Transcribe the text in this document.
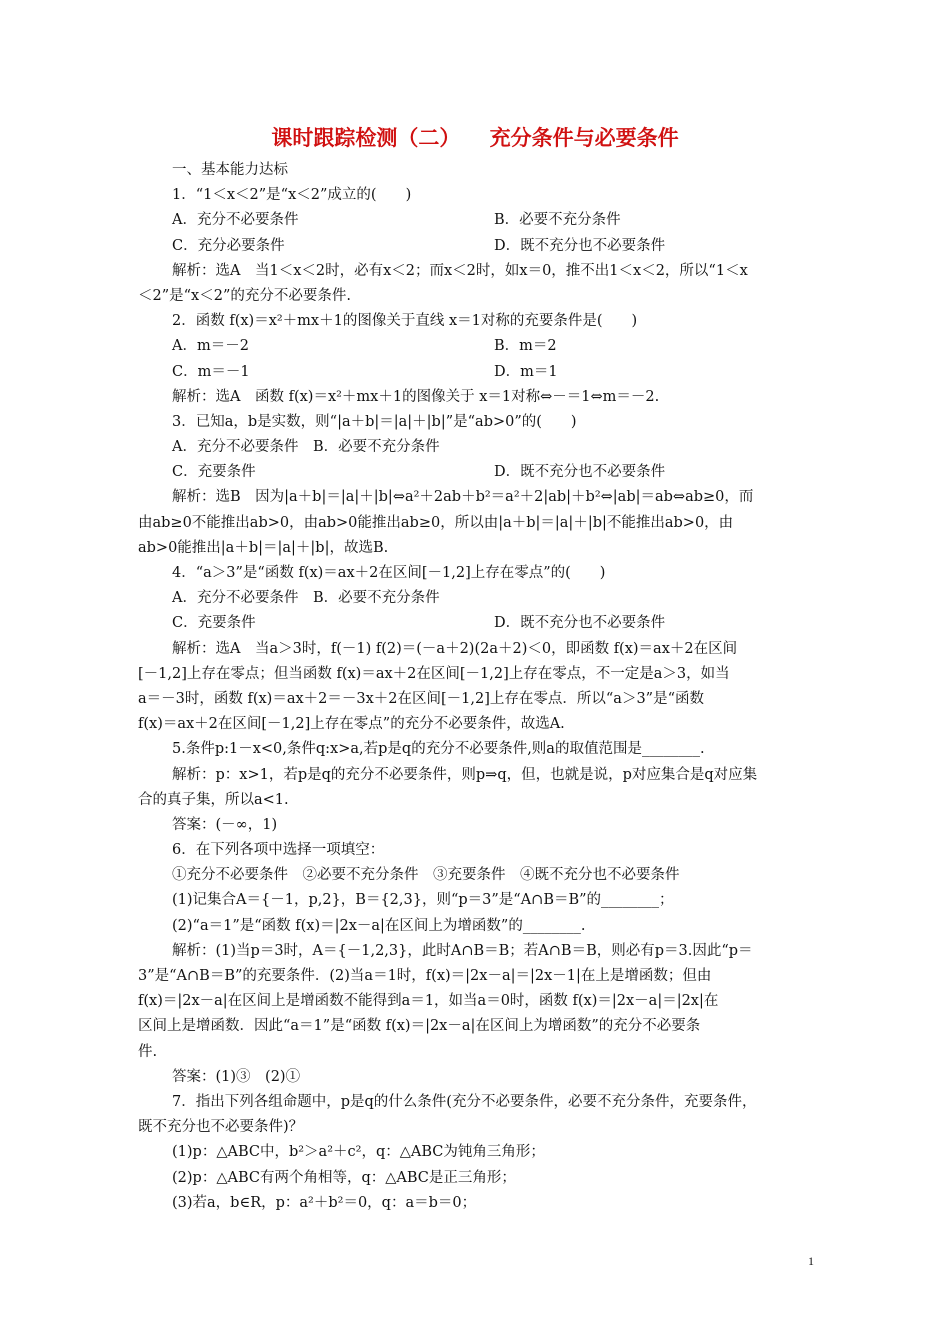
课时跟踪检测（二）    充分条件与必要条件
一、基本能力达标
1．“1＜x＜2”是“x＜2”成立的(　　)
A．充分不必要条件	B．必要不充分条件
C．充分必要条件	D．既不充分也不必要条件
解析：选A　当1＜x＜2时，必有x＜2；而x＜2时，如x＝0，推不出1＜x＜2，所以“1＜x
＜2”是“x＜2”的充分不必要条件.
2．函数 f(x)＝x²＋mx＋1的图像关于直线 x＝1对称的充要条件是(　　)
A．m＝－2	B．m＝2
C．m＝－1	D．m＝1
解析：选A　函数 f(x)＝x²＋mx＋1的图像关于 x＝1对称⇔－＝1⇔m＝－2.
3．已知a，b是实数，则“|a＋b|＝|a|＋|b|”是“ab>0”的(　　)
A．充分不必要条件　B．必要不充分条件
C．充要条件	D．既不充分也不必要条件
解析：选B　因为|a＋b|＝|a|＋|b|⇔a²＋2ab＋b²＝a²＋2|ab|＋b²⇔|ab|＝ab⇔ab≥0，而
由ab≥0不能推出ab>0，由ab>0能推出ab≥0，所以由|a＋b|＝|a|＋|b|不能推出ab>0，由
ab>0能推出|a＋b|＝|a|＋|b|，故选B.
4．“a＞3”是“函数 f(x)＝ax＋2在区间[－1,2]上存在零点”的(　　)
A．充分不必要条件　B．必要不充分条件
C．充要条件	D．既不充分也不必要条件
解析：选A　当a＞3时，f(－1) f(2)＝(－a＋2)(2a＋2)＜0，即函数 f(x)＝ax＋2在区间
[－1,2]上存在零点；但当函数 f(x)＝ax＋2在区间[－1,2]上存在零点，不一定是a＞3，如当
a＝－3时，函数 f(x)＝ax＋2＝－3x＋2在区间[－1,2]上存在零点．所以“a＞3”是“函数
f(x)＝ax＋2在区间[－1,2]上存在零点”的充分不必要条件，故选A.
5.条件p:1－x<0,条件q:x>a,若p是q的充分不必要条件,则a的取值范围是________.
解析：p：x>1，若p是q的充分不必要条件，则p⇒q，但，也就是说，p对应集合是q对应集
合的真子集，所以a<1.
答案：(－∞，1)
6．在下列各项中选择一项填空：
①充分不必要条件　②必要不充分条件　③充要条件　④既不充分也不必要条件
(1)记集合A＝{－1，p,2}，B＝{2,3}，则“p＝3”是“A∩B＝B”的________；
(2)“a＝1”是“函数 f(x)＝|2x－a|在区间上为增函数”的________.
解析：(1)当p＝3时，A＝{－1,2,3}，此时A∩B＝B；若A∩B＝B，则必有p＝3.因此“p＝
3”是“A∩B＝B”的充要条件．(2)当a＝1时，f(x)＝|2x－a|＝|2x－1|在上是增函数；但由
f(x)＝|2x－a|在区间上是增函数不能得到a＝1，如当a＝0时，函数 f(x)＝|2x－a|＝|2x|在
区间上是增函数．因此“a＝1”是“函数 f(x)＝|2x－a|在区间上为增函数”的充分不必要条
件.
答案：(1)③　(2)①
7．指出下列各组命题中，p是q的什么条件(充分不必要条件，必要不充分条件，充要条件，
既不充分也不必要条件)？
(1)p：△ABC中，b²＞a²＋c²，q：△ABC为钝角三角形；
(2)p：△ABC有两个角相等，q：△ABC是正三角形；
(3)若a，b∈R，p：a²＋b²＝0，q：a＝b＝0；
1
